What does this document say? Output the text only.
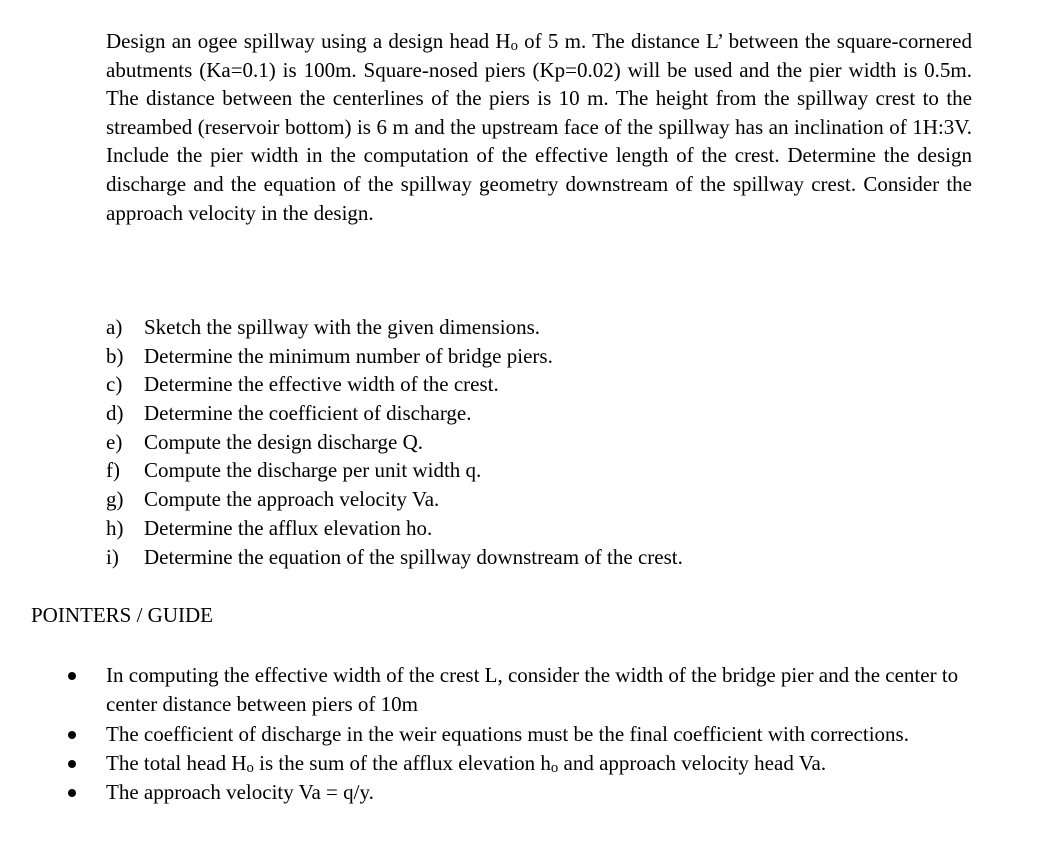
Design an ogee spillway using a design head $H_o$ of 5 m. The distance L’ between the square-cornered abutments (Ka=0.1) is 100m. Square-nosed piers (Kp=0.02) will be used and the pier width is 0.5m. The distance between the centerlines of the piers is 10 m. The height from the spillway crest to the streambed (reservoir bottom) is 6 m and the upstream face of the spillway has an inclination of 1H:3V. Include the pier width in the computation of the effective length of the crest. Determine the design discharge and the equation of the spillway geometry downstream of the spillway crest. Consider the approach velocity in the design.

a) Sketch the spillway with the given dimensions.
b) Determine the minimum number of bridge piers.
c) Determine the effective width of the crest.
d) Determine the coefficient of discharge.
e) Compute the design discharge Q.
f) Compute the discharge per unit width q.
g) Compute the approach velocity Va.
h) Determine the afflux elevation ho.
i) Determine the equation of the spillway downstream of the crest.
POINTERS / GUIDE
In computing the effective width of the crest L, consider the width of the bridge pier and the center to center distance between piers of 10m
The coefficient of discharge in the weir equations must be the final coefficient with corrections.
The total head $H_o$ is the sum of the afflux elevation $h_o$ and approach velocity head Va.
The approach velocity Va = q/y.
